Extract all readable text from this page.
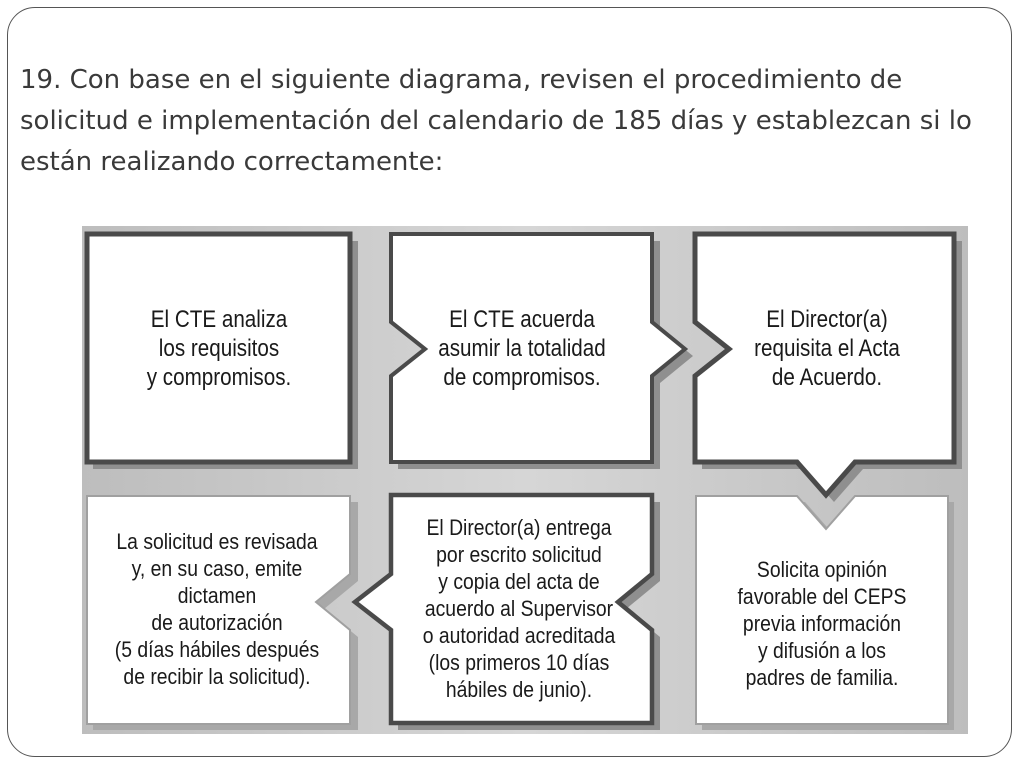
19. Con base en el siguiente diagrama, revisen el procedimiento de solicitud e implementación del calendario de 185 días y establezcan si lo están realizando correctamente:

El CTE analiza
los requisitos
y compromisos.
El CTE acuerda
asumir la totalidad
de compromisos.
El Director(a)
requisita el Acta
de Acuerdo.
Solicita opinión
favorable del CEPS
previa información
y difusión a los
padres de familia.
El Director(a) entrega
por escrito solicitud
y copia del acta de
acuerdo al Supervisor
o autoridad acreditada
(los primeros 10 días
hábiles de junio).
La solicitud es revisada
y, en su caso, emite
dictamen
de autorización
(5 días hábiles después
de recibir la solicitud).
